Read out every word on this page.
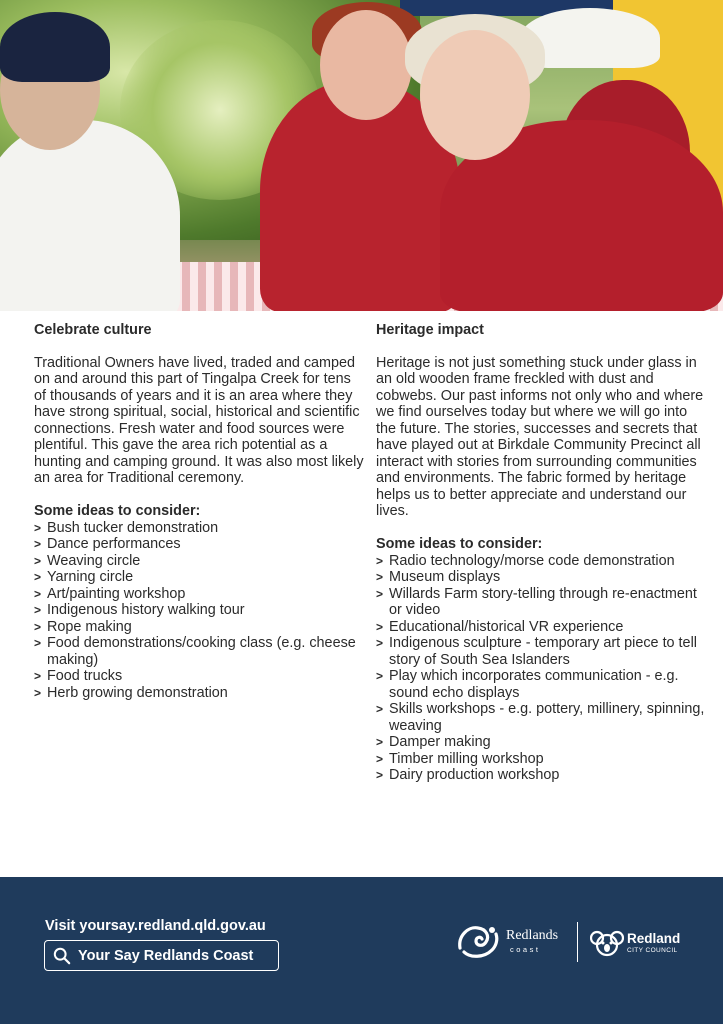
Celebrate culture

Traditional Owners have lived, traded and camped on and around this part of Tingalpa Creek for tens of thousands of years and it is an area where they have strong spiritual, social, historical and scientific connections. Fresh water and food sources were plentiful. This gave the area rich potential as a hunting and camping ground. It was also most likely an area for Traditional ceremony.

Some ideas to consider:
> Bush tucker demonstration
> Dance performances
> Weaving circle
> Yarning circle
> Art/painting workshop
> Indigenous history walking tour
> Rope making
> Food demonstrations/cooking class (e.g. cheese making)
> Food trucks
> Herb growing demonstration
Heritage impact

Heritage is not just something stuck under glass in an old wooden frame freckled with dust and cobwebs. Our past informs not only who and where we find ourselves today but where we will go into the future. The stories, successes and secrets that have played out at Birkdale Community Precinct all interact with stories from surrounding communities and environments. The fabric formed by heritage helps us to better appreciate and understand our lives.

Some ideas to consider:
> Radio technology/morse code demonstration
> Museum displays
> Willards Farm story-telling through re-enactment or video
> Educational/historical VR experience
> Indigenous sculpture - temporary art piece to tell story of South Sea Islanders
> Play which incorporates communication - e.g. sound echo displays
> Skills workshops - e.g. pottery, millinery, spinning, weaving
> Damper making
> Timber milling workshop
> Dairy production workshop
Visit yoursay.redland.qld.gov.au
Your Say Redlands Coast
Redlands
coast
Redland
CITY COUNCIL
